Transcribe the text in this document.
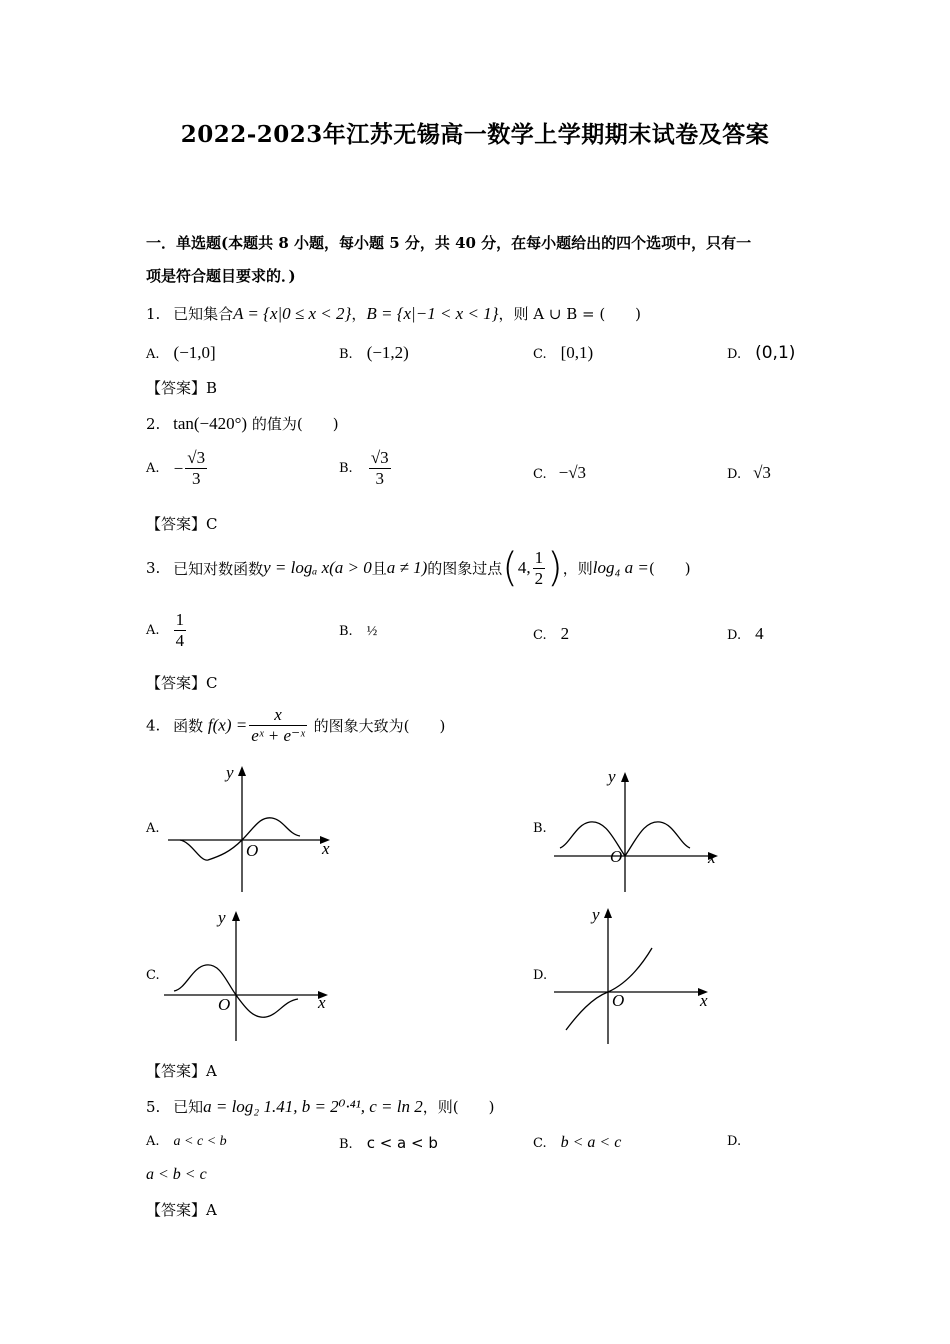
2022-2023年江苏无锡高一数学上学期期末试卷及答案
一．单选题(本题共 8 小题，每小题 5 分，共 40 分，在每小题给出的四个选项中，只有一
项是符合题目要求的．)
1. 已知集合A = {x|0 ≤ x < 2}，B = {x|−1 < x < 1}，则 A ∪ B = (　　)
A. (−1,0]	B. (−1,2)	C. [0,1)	D. (0,1)
【答案】B
2. tan(−420°) 的值为(　　)
A. − $\frac{√3}{3}$	B. $\frac{√3}{3}$	C. −√3	D. √3
【答案】C
3. 已知对数函数y = logₐ x(a > 0且a ≠ 1)的图象过点(4, $\frac{1}{2}$ )，则log₄ a =(　　)
A. $\frac{1}{4}$	B. ½	C. 2	D. 4
【答案】C
4. 函数 $f(x) = \frac{x}{\text{eˣ + e⁻ˣ}}$ 的图象大致为(　　)
A.
x
y
O
B.
x
y
O
C.
x
y
O
D.
x
y
O
【答案】A
5. 已知a = log₂ 1.41, b = 2⁰·⁴¹, c = ln 2，则(　　)
A. a < c < b	B. c < a < b	C. b < a < c	D.
a < b < c
【答案】A
